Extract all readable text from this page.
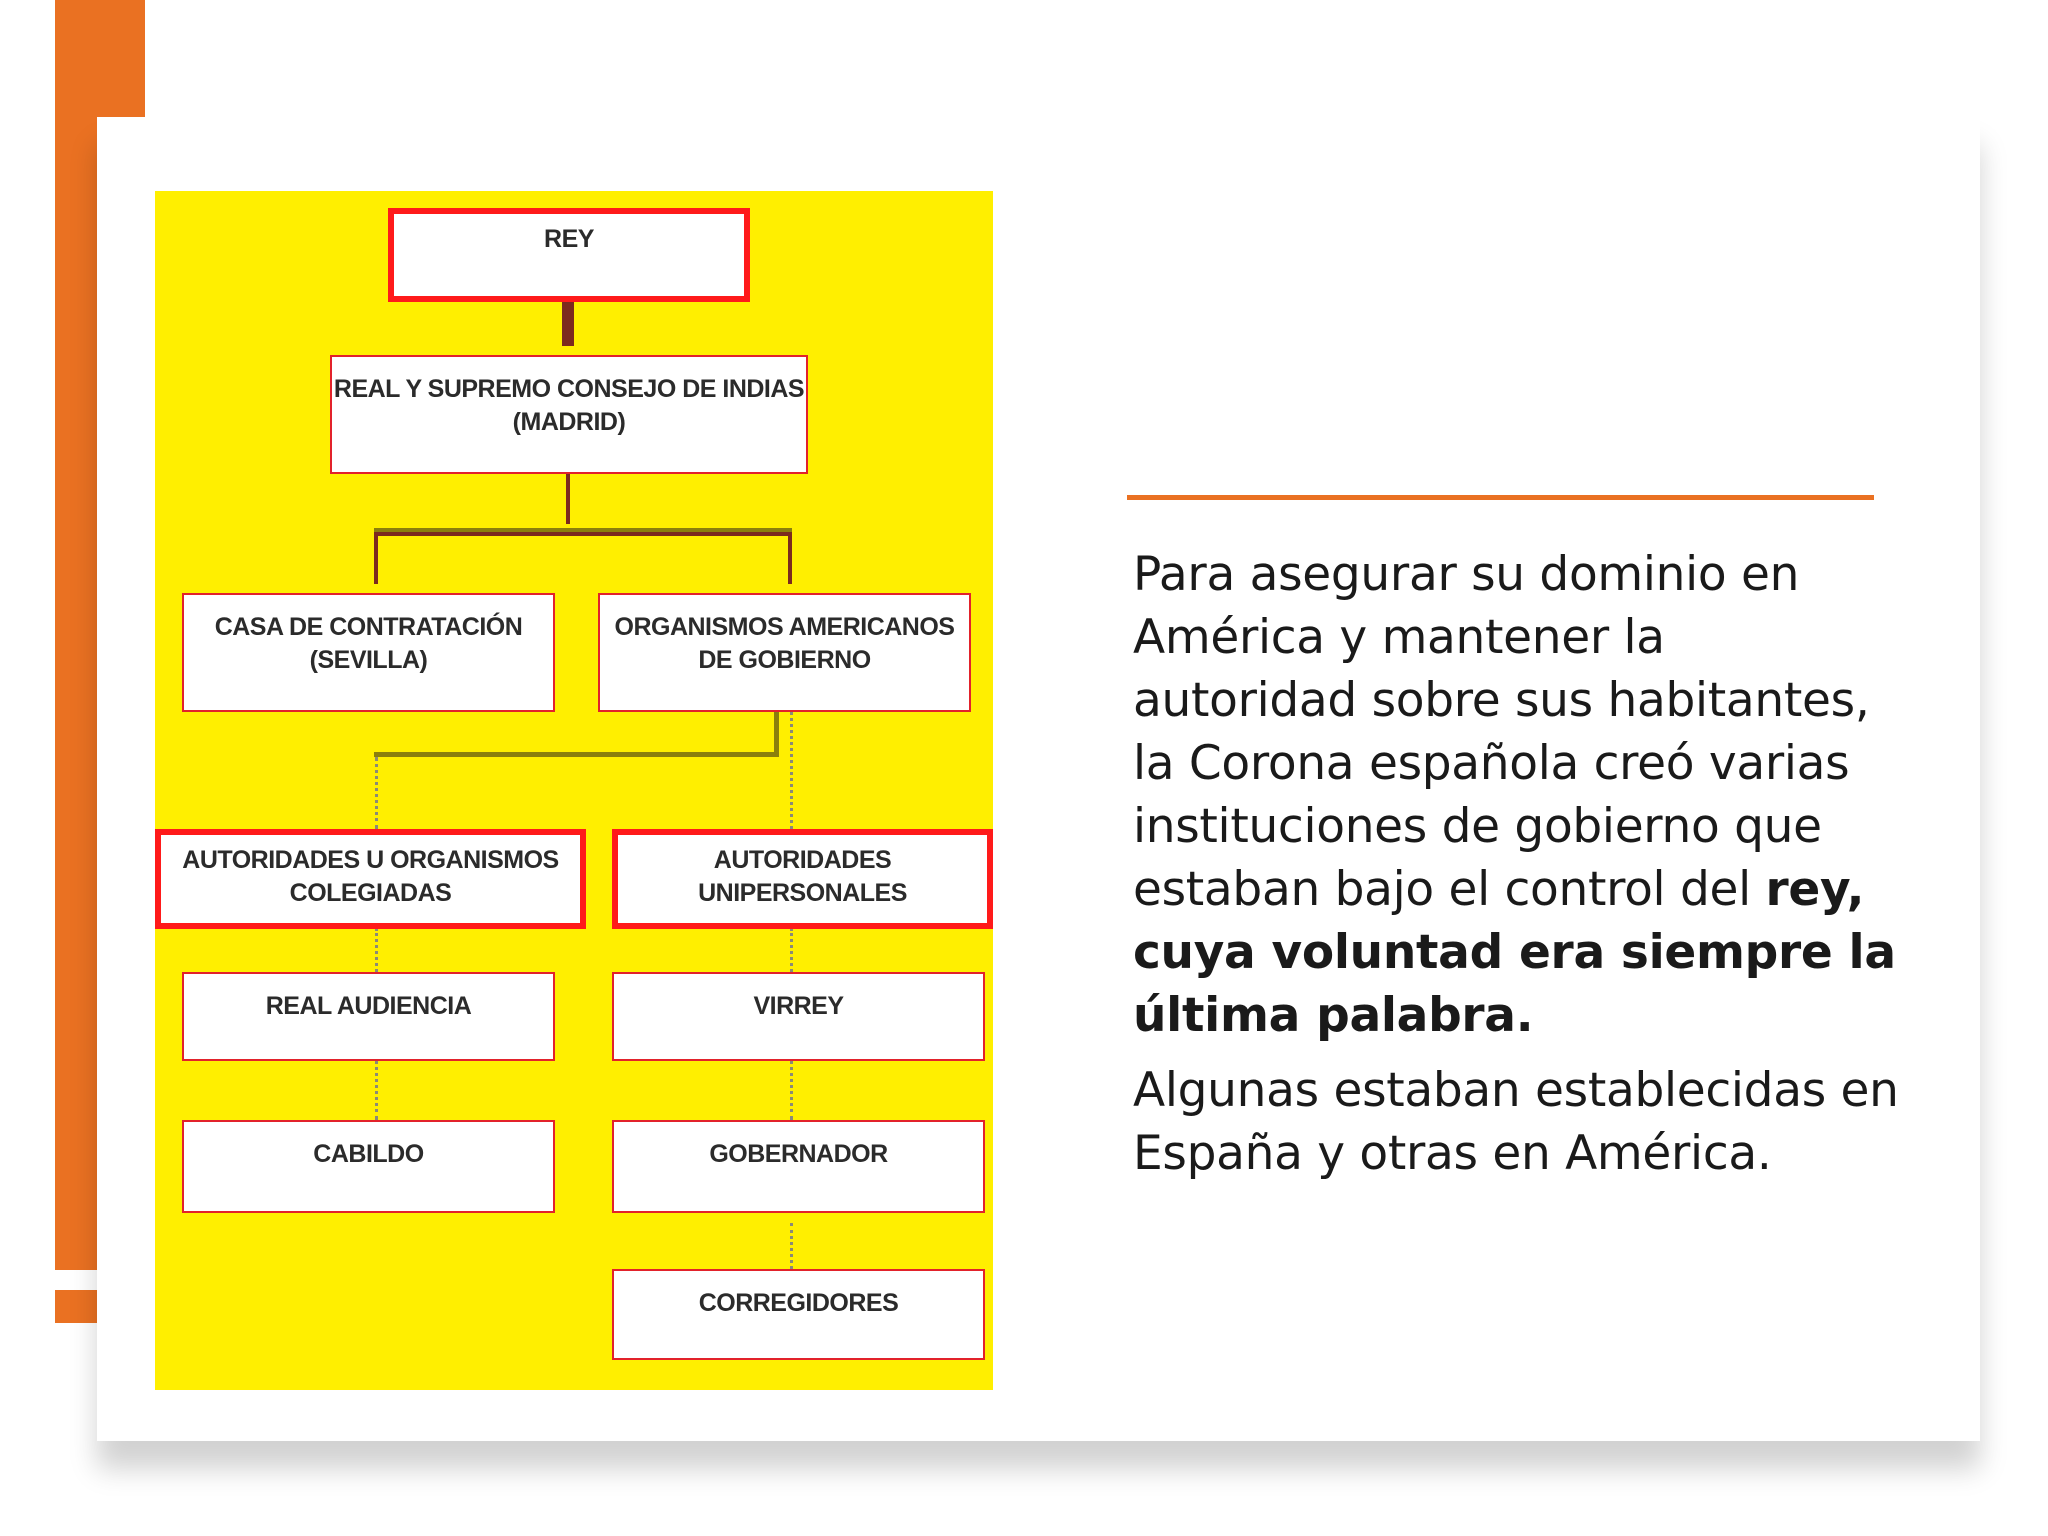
REY
REAL Y SUPREMO CONSEJO DE INDIAS
(MADRID)
CASA DE CONTRATACIÓN
(SEVILLA)
ORGANISMOS AMERICANOS
DE GOBIERNO
AUTORIDADES U ORGANISMOS
COLEGIADAS
AUTORIDADES
UNIPERSONALES
REAL AUDIENCIA	VIRREY
CABILDO	GOBERNADOR
CORREGIDORES

Para asegurar su dominio en América y mantener la autoridad sobre sus habitantes, la Corona española creó varias instituciones de gobierno que estaban bajo el control del rey, cuya voluntad era siempre la última palabra.

Algunas estaban establecidas en España y otras en América.
